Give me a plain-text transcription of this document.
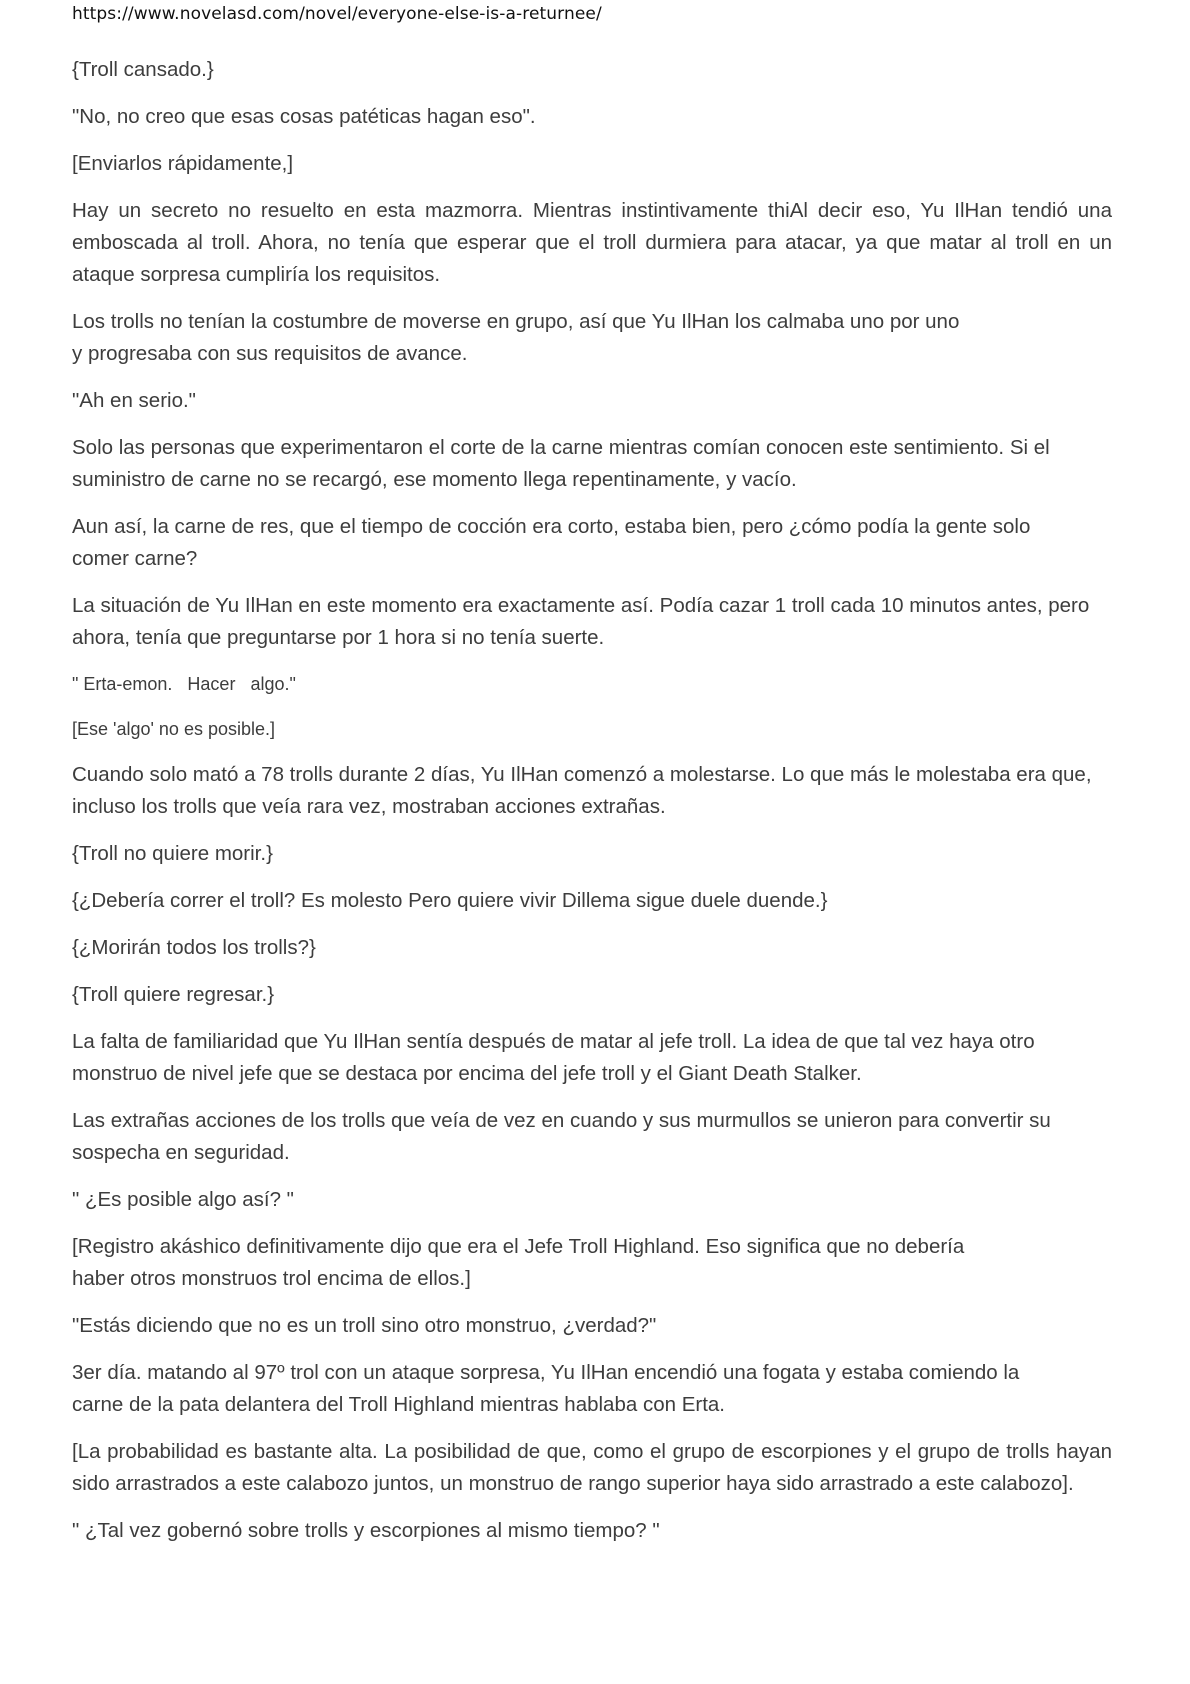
https://www.novelasd.com/novel/everyone-else-is-a-returnee/

{Troll cansado.}

"No, no creo que esas cosas patéticas hagan eso".

[Enviarlos rápidamente,]

Hay un secreto no resuelto en esta mazmorra. Mientras instintivamente thiAl decir eso, Yu IlHan tendió una emboscada al troll. Ahora, no tenía que esperar que el troll durmiera para atacar, ya que matar al troll en un ataque sorpresa cumpliría los requisitos.

Los trolls no tenían la costumbre de moverse en grupo, así que Yu IlHan los calmaba uno por uno y progresaba con sus requisitos de avance.

"Ah en serio."

Solo las personas que experimentaron el corte de la carne mientras comían conocen este sentimiento. Si el suministro de carne no se recargó, ese momento llega repentinamente, y vacío.

Aun así, la carne de res, que el tiempo de cocción era corto, estaba bien, pero ¿cómo podía la gente solo comer carne?

La situación de Yu IlHan en este momento era exactamente así. Podía cazar 1 troll cada 10 minutos antes, pero ahora, tenía que preguntarse por 1 hora si no tenía suerte.

" Erta-emon.   Hacer   algo."

[Ese 'algo' no es posible.]

Cuando solo mató a 78 trolls durante 2 días, Yu IlHan comenzó a molestarse. Lo que más le molestaba era que, incluso los trolls que veía rara vez, mostraban acciones extrañas.

{Troll no quiere morir.}

{¿Debería correr el troll? Es molesto Pero quiere vivir Dillema sigue duele duende.}

{¿Morirán todos los trolls?}

{Troll quiere regresar.}

La falta de familiaridad que Yu IlHan sentía después de matar al jefe troll. La idea de que tal vez haya otro monstruo de nivel jefe que se destaca por encima del jefe troll y el Giant Death Stalker.

Las extrañas acciones de los trolls que veía de vez en cuando y sus murmullos se unieron para convertir su sospecha en seguridad.

" ¿Es posible algo así? "

[Registro akáshico definitivamente dijo que era el Jefe Troll Highland. Eso significa que no debería haber otros monstruos trol encima de ellos.]

"Estás diciendo que no es un troll sino otro monstruo, ¿verdad?"

3er día. matando al 97º trol con un ataque sorpresa, Yu IlHan encendió una fogata y estaba comiendo la carne de la pata delantera del Troll Highland mientras hablaba con Erta.

[La probabilidad es bastante alta. La posibilidad de que, como el grupo de escorpiones y el grupo de trolls hayan sido arrastrados a este calabozo juntos, un monstruo de rango superior haya sido arrastrado a este calabozo].

" ¿Tal vez gobernó sobre trolls y escorpiones al mismo tiempo? "
